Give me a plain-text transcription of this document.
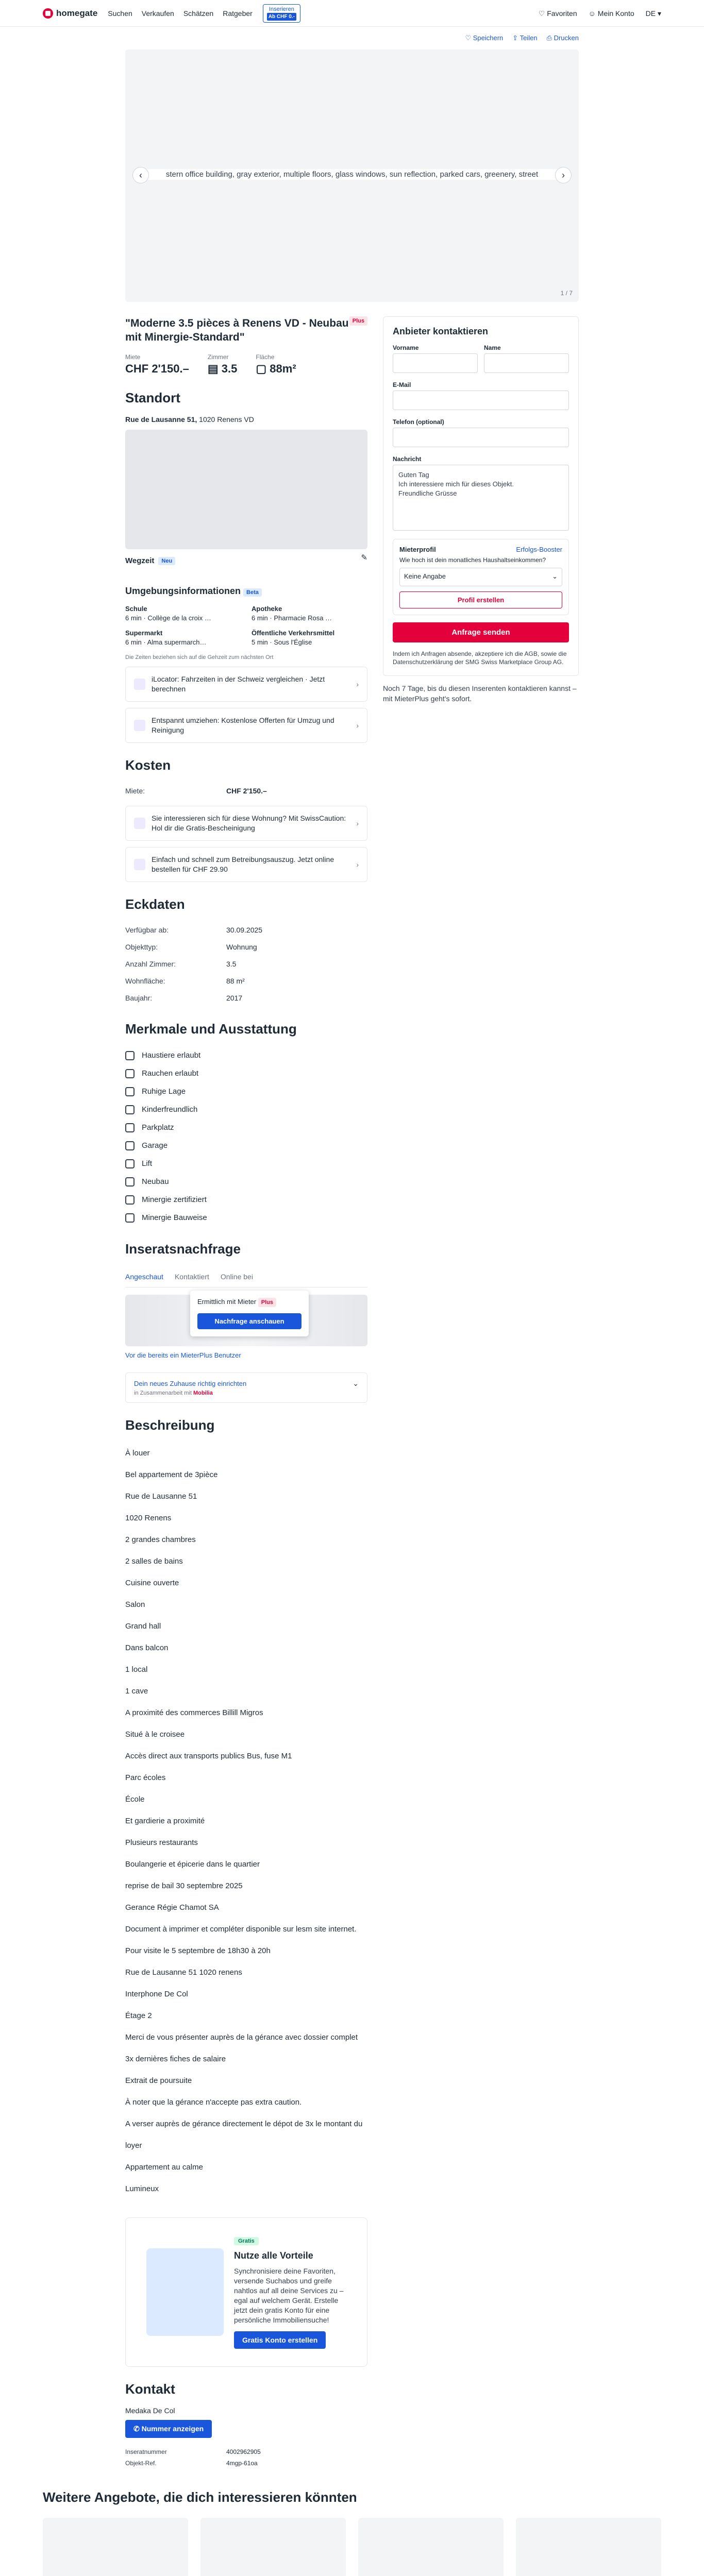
homegate Suchen Verkaufen Schätzen Ratgeber	Inserieren
Ab CHF 0.-	♡ Favoriten ☺ Mein Konto DE ▾
♡ Speichern ⇪ Teilen ⎙ Drucken
stern office building, gray exterior, multiple floors, glass windows, sun reflection, parked cars, greenery, street
‹	›
1 / 7
"Moderne 3.5 pièces à Renens VD - Neubau mit Minergie-Standard"
Plus
Miete
CHF 2'150.–
Zimmer
▤ 3.5
Fläche
▢ 88m²
Standort
Rue de Lausanne 51, 1020 Renens VD
Wegzeit	Neu	✎
Umgebungsinformationen Beta
Schule
6 min · Collège de la croix …
Apotheke
6 min · Pharmacie Rosa …
Supermarkt
6 min · Alma supermarch…
Öffentliche Verkehrsmittel
5 min · Sous l'Église
Die Zeiten beziehen sich auf die Gehzeit zum nächsten Ort
iLocator: Fahrzeiten in der Schweiz vergleichen · Jetzt berechnen
›
Entspannt umziehen: Kostenlose Offerten für Umzug und Reinigung
›
Kosten
Miete:	CHF 2'150.–
Sie interessieren sich für diese Wohnung? Mit SwissCaution: Hol dir die Gratis-Bescheinigung
›
Einfach und schnell zum Betreibungsauszug. Jetzt online bestellen für CHF 29.90
›
Eckdaten
Verfügbar ab:	30.09.2025
Objekttyp:	Wohnung
Anzahl Zimmer:	3.5
Wohnfläche:	88 m²
Baujahr:	2017
Merkmale und Ausstattung
Haustiere erlaubt
Rauchen erlaubt
Ruhige Lage
Kinderfreundlich
Parkplatz
Garage
Lift
Neubau
Minergie zertifiziert
Minergie Bauweise
Inseratsnachfrage
Angeschaut Kontaktiert Online bei
Ermittlich mit Mieter Plus
Nachfrage anschauen
Vor die bereits ein MieterPlus Benutzer
Dein neues Zuhause richtig einrichten	⌄
in Zusammenarbeit mit Mobilia
Beschreibung

À louer

Bel appartement de 3pièce

Rue de Lausanne 51

1020 Renens

2 grandes chambres

2 salles de bains

Cuisine ouverte

Salon

Grand hall

Dans balcon

1 local

1 cave

A proximité des commerces Billill Migros

Situé à le croisee

Accès direct aux transports publics Bus, fuse M1

Parc écoles

École

Et gardierie a proximité

Plusieurs restaurants

Boulangerie et épicerie dans le quartier

reprise de bail 30 septembre 2025

Gerance Régie Chamot SA

Document à imprimer et compléter disponible sur lesm site internet.

Pour visite le 5 septembre de 18h30 à 20h

Rue de Lausanne 51 1020 renens

Interphone De Col

Étage 2

Merci de vous présenter auprès de la gérance avec dossier complet

3x dernières fiches de salaire

Extrait de poursuite

À noter que la gérance n'accepte pas extra caution.

A verser auprès de gérance directement le dépot de 3x le montant du loyer

Appartement au calme

Lumineux

Gratis
Nutze alle Vorteile
Synchronisiere deine Favoriten, versende Suchabos und greife nahtlos auf all deine Services zu – egal auf welchem Gerät. Erstelle jetzt dein gratis Konto für eine persönliche Immobiliensuche!
Gratis Konto erstellen
Kontakt
Medaka De Col
✆ Nummer anzeigen
Inseratnummer	4002962905
Objekt-Ref.	4mgp-61oa
Anbieter kontaktieren
Vorname	Name
E-Mail
Telefon (optional)
Nachricht
Guten Tag
Ich interessiere mich für dieses Objekt.
Freundliche Grüsse
Mieterprofil	Erfolgs-Booster
Wie hoch ist dein monatliches Haushaltseinkommen?
Keine Angabe	⌄
Profil erstellen
Anfrage senden
Indem ich Anfragen absende, akzeptiere ich die AGB, sowie die Datenschutzerklärung der SMG Swiss Marketplace Group AG.
Noch 7 Tage, bis du diesen Inserenten kontaktieren kannst – mit MieterPlus geht's sofort.
Weitere Angebote, die dich interessieren könnten
